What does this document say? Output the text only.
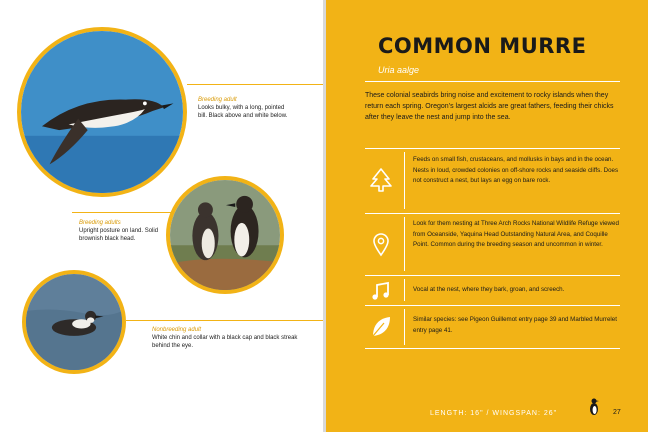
Breeding adult
Looks bulky, with a long, pointed bill. Black above and white below.
Breeding adults
Upright posture on land. Solid brownish black head.
Nonbreeding adult
White chin and collar with a black cap and black streak behind the eye.
COMMON MURRE
Uria aalge
These colonial seabirds bring noise and excitement to rocky islands when they return each spring. Oregon’s largest alcids are great fathers, feeding their chicks after they leave the nest and jump into the sea.
Feeds on small fish, crustaceans, and mollusks in bays and in the ocean. Nests in loud, crowded colonies on off-shore rocks and seaside cliffs. Does not construct a nest, but lays an egg on bare rock.
Look for them nesting at Three Arch Rocks National Wildlife Refuge viewed from Oceanside, Yaquina Head Outstanding Natural Area, and Coquille Point. Common during the breeding season and uncommon in winter.
Vocal at the nest, where they bark, groan, and screech.
Similar species: see Pigeon Guillemot entry page 39 and Marbled Murrelet entry page 41.
LENGTH: 16" / WINGSPAN: 26"	27
